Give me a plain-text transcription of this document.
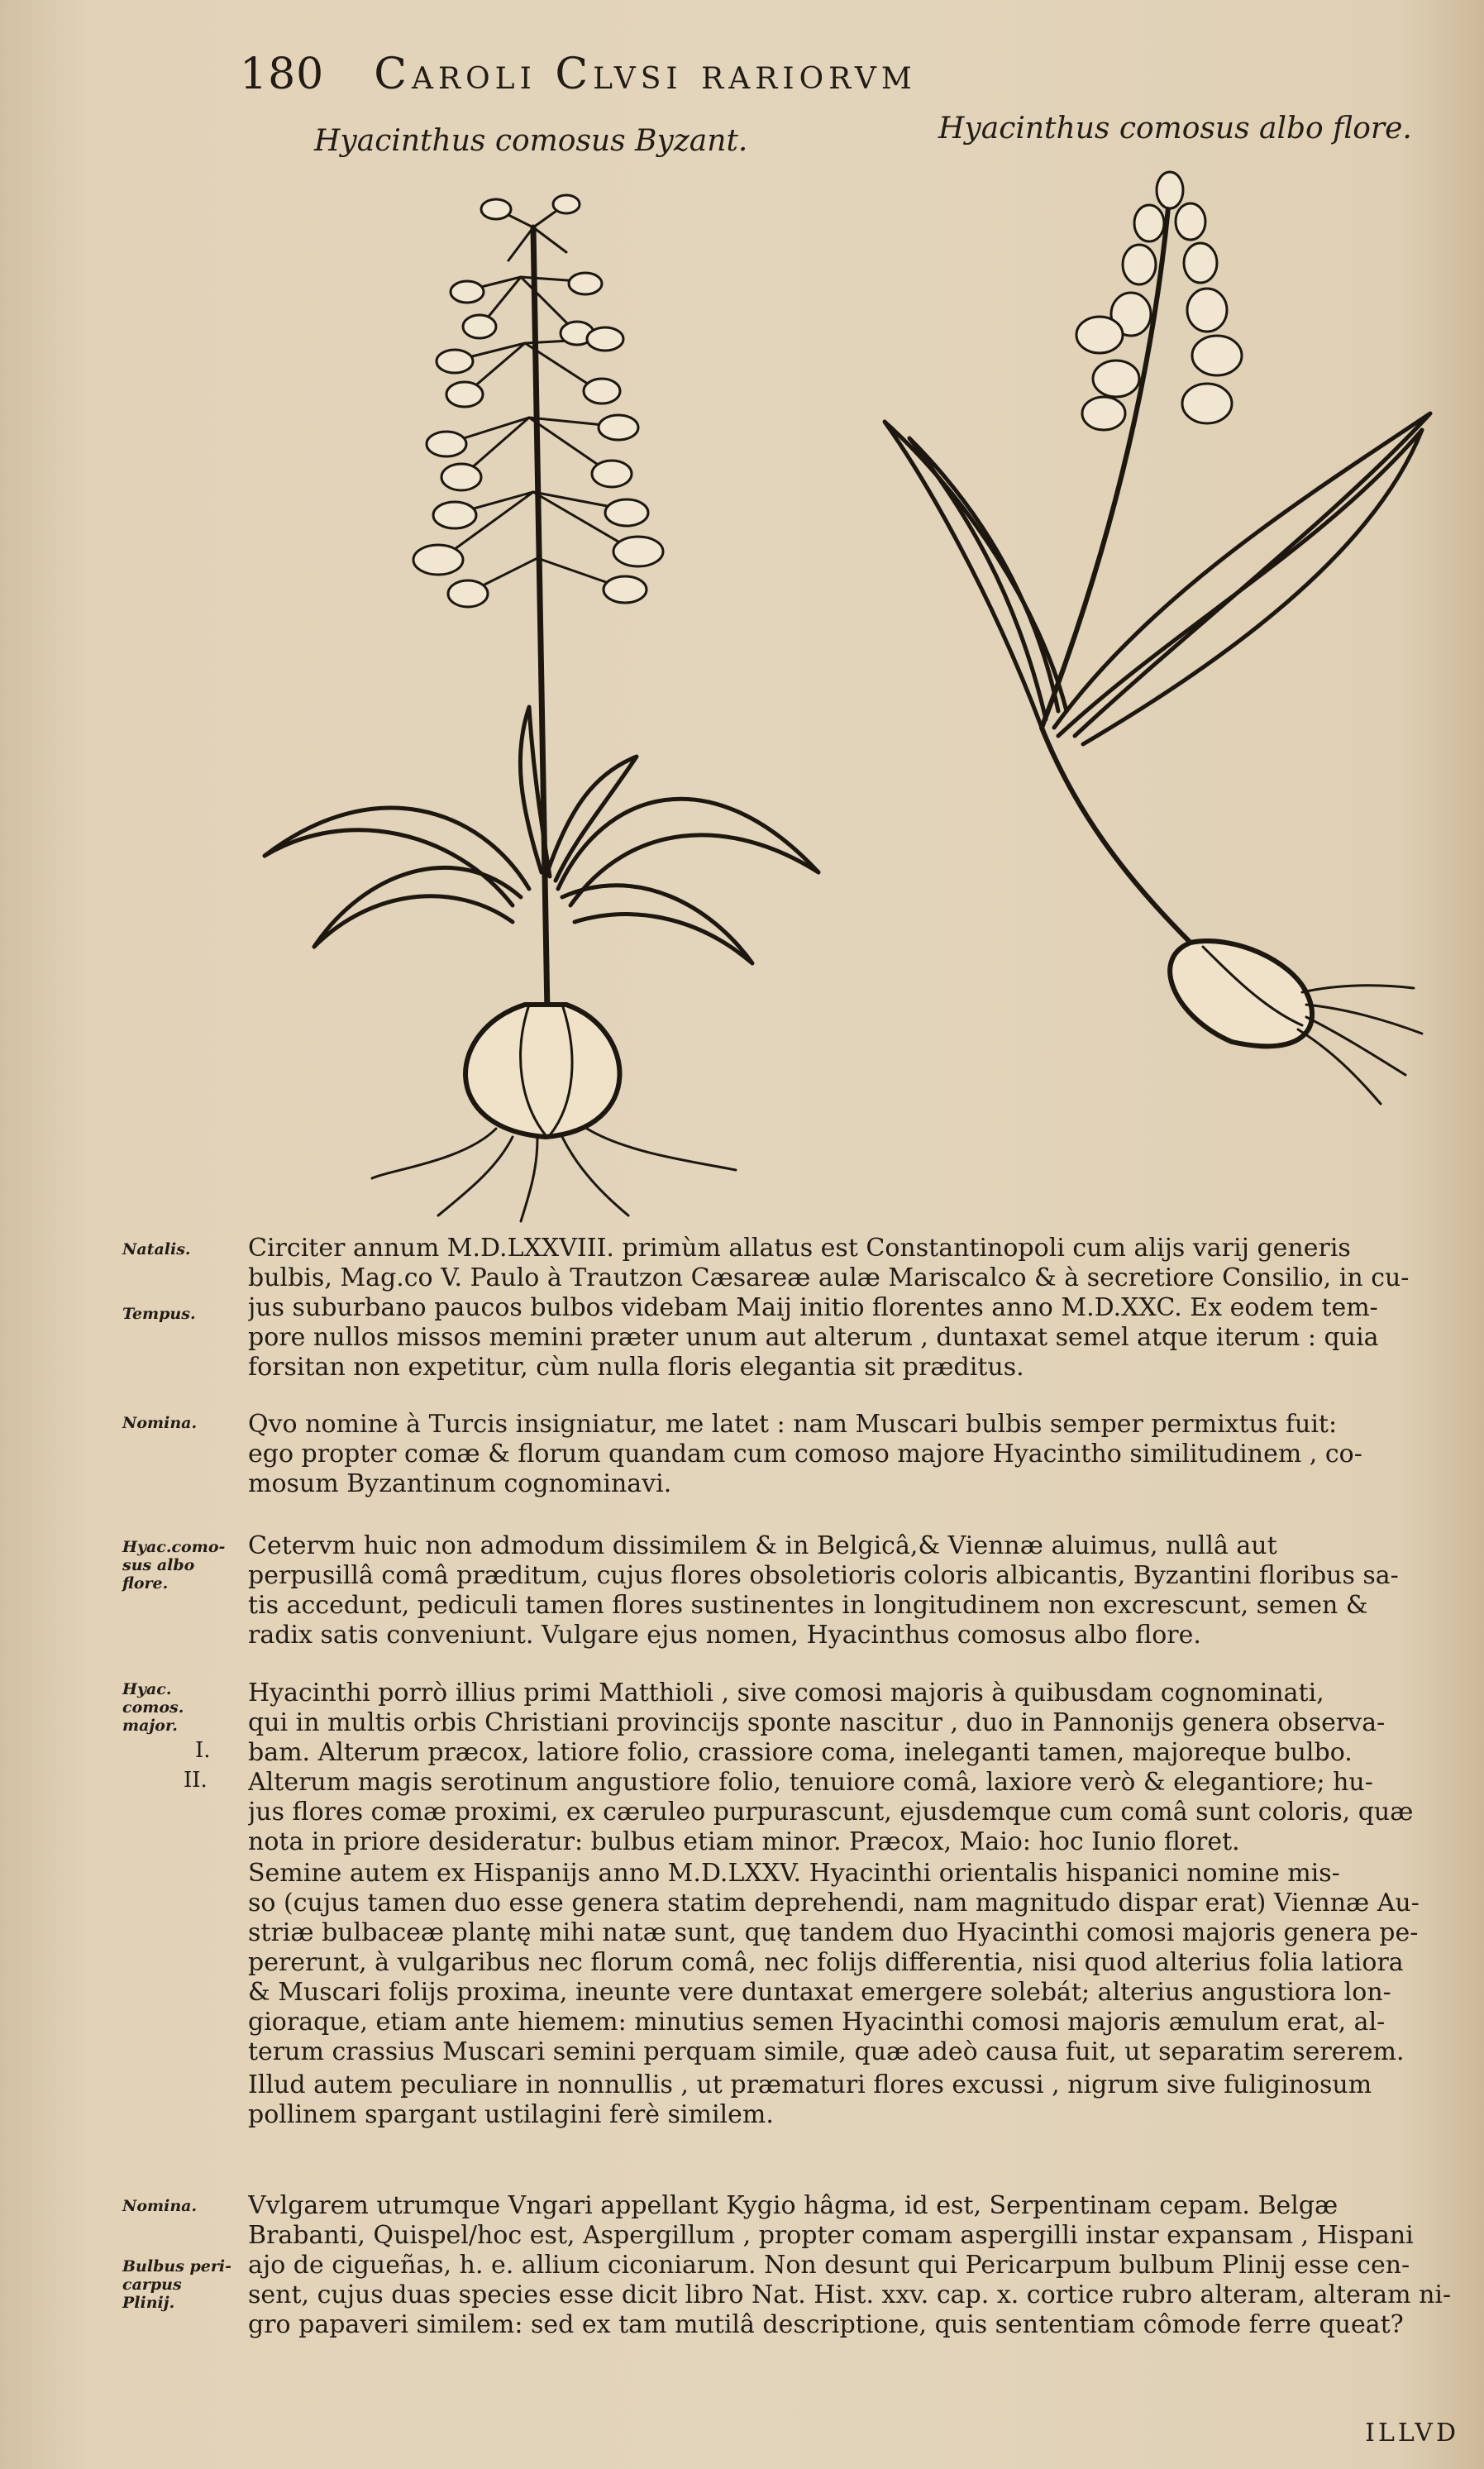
180 Caroli Clvsi rariorvm
Hyacinthus comosus Byzant.	Hyacinthus comosus albo flore.
Natalis.
Tempus.
Nomina.
Hyac.como-
sus albo flore.
Hyac. comos.
major.
I.
II.
Nomina.
Bulbus peri-
carpus Plinij.
Circiter annum M.D.LXXVIII. primùm allatus est Constantinopoli cum alijs varij generis
bulbis, Mag.co V. Paulo à Trautzon Cæsareæ aulæ Mariscalco & à secretiore Consilio, in cu-
jus suburbano paucos bulbos videbam Maij initio florentes anno M.D.XXC. Ex eodem tem-
pore nullos missos memini præter unum aut alterum , duntaxat semel atque iterum : quia
forsitan non expetitur, cùm nulla floris elegantia sit præditus.
Qvo nomine à Turcis insigniatur, me latet : nam Muscari bulbis semper permixtus fuit:
ego propter comæ & florum quandam cum comoso majore Hyacintho similitudinem , co-
mosum Byzantinum cognominavi.
Cetervm huic non admodum dissimilem & in Belgicâ,& Viennæ aluimus, nullâ aut
perpusillâ comâ præditum, cujus flores obsoletioris coloris albicantis, Byzantini floribus sa-
tis accedunt, pediculi tamen flores sustinentes in longitudinem non excrescunt, semen &
radix satis conveniunt. Vulgare ejus nomen, Hyacinthus comosus albo flore.
Hyacinthi porrò illius primi Matthioli , sive comosi majoris à quibusdam cognominati,
qui in multis orbis Christiani provincijs sponte nascitur , duo in Pannonijs genera observa-
bam. Alterum præcox, latiore folio, crassiore coma, ineleganti tamen, majoreque bulbo.
Alterum magis serotinum angustiore folio, tenuiore comâ, laxiore verò & elegantiore; hu-
jus flores comæ proximi, ex cæruleo purpurascunt, ejusdemque cum comâ sunt coloris, quæ
nota in priore desideratur: bulbus etiam minor. Præcox, Maio: hoc Iunio floret.
Semine autem ex Hispanijs anno M.D.LXXV. Hyacinthi orientalis hispanici nomine mis-
so (cujus tamen duo esse genera statim deprehendi, nam magnitudo dispar erat) Viennæ Au-
striæ bulbaceæ plantę mihi natæ sunt, quę tandem duo Hyacinthi comosi majoris genera pe-
pererunt, à vulgaribus nec florum comâ, nec folijs differentia, nisi quod alterius folia latiora
& Muscari folijs proxima, ineunte vere duntaxat emergere solebát; alterius angustiora lon-
gioraque, etiam ante hiemem: minutius semen Hyacinthi comosi majoris æmulum erat, al-
terum crassius Muscari semini perquam simile, quæ adeò causa fuit, ut separatim sererem.
Illud autem peculiare in nonnullis , ut præmaturi flores excussi , nigrum sive fuliginosum
pollinem spargant ustilagini ferè similem.
Vvlgarem utrumque Vngari appellant Kygio hâgma, id est, Serpentinam cepam. Belgæ
Brabanti, Quispel/hoc est, Aspergillum , propter comam aspergilli instar expansam , Hispani
ajo de cigueñas, h. e. allium ciconiarum. Non desunt qui Pericarpum bulbum Plinij esse cen-
sent, cujus duas species esse dicit libro Nat. Hist. xxv. cap. x. cortice rubro alteram, alteram ni-
gro papaveri similem: sed ex tam mutilâ descriptione, quis sententiam cômode ferre queat?
ILLVD
